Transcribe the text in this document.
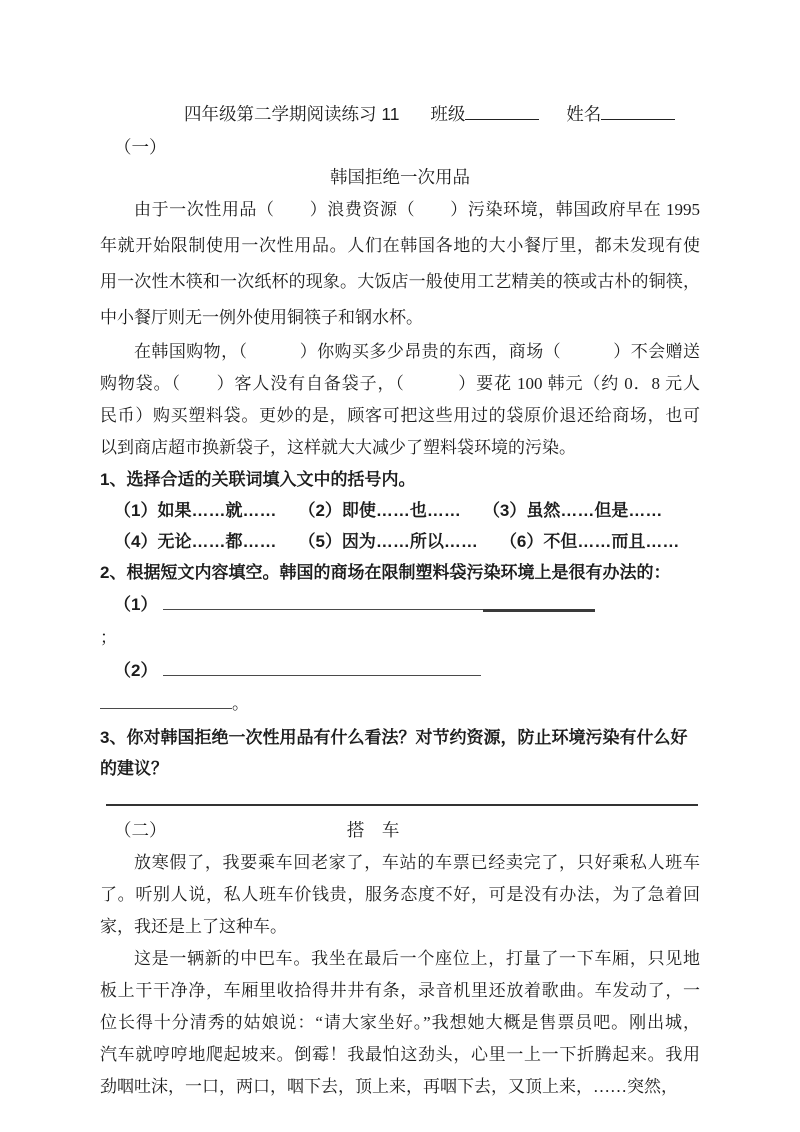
四年级第二学期阅读练习 11 班级	姓名
（一）
韩国拒绝一次用品
由于一次性用品（　　）浪费资源（　　）污染环境，韩国政府早在 1995
年就开始限制使用一次性用品。人们在韩国各地的大小餐厅里，都未发现有使
用一次性木筷和一次纸杯的现象。大饭店一般使用工艺精美的筷或古朴的铜筷，
中小餐厅则无一例外使用铜筷子和钢水杯。
在韩国购物，（　　　）你购买多少昂贵的东西，商场（　　　）不会赠送
购物袋。（　　）客人没有自备袋子，（　　　）要花 100 韩元（约 0．8 元人
民币）购买塑料袋。更妙的是，顾客可把这些用过的袋原价退还给商场，也可
以到商店超市换新袋子，这样就大大减少了塑料袋环境的污染。
1、选择合适的关联词填入文中的括号内。
（1）如果……就…… （2）即使……也…… （3）虽然……但是……
（4）无论……都…… （5）因为……所以…… （6）不但……而且……
2、根据短文内容填空。韩国的商场在限制塑料袋污染环境上是很有办法的：
（1）
；
（2）
。
3、你对韩国拒绝一次性用品有什么看法？对节约资源，防止环境污染有什么好
的建议？
（二）	搭　车
放寒假了，我要乘车回老家了，车站的车票已经卖完了，只好乘私人班车
了。听别人说，私人班车价钱贵，服务态度不好，可是没有办法，为了急着回
家，我还是上了这种车。
这是一辆新的中巴车。我坐在最后一个座位上，打量了一下车厢，只见地
板上干干净净，车厢里收拾得井井有条，录音机里还放着歌曲。车发动了，一
位长得十分清秀的姑娘说：“请大家坐好。”我想她大概是售票员吧。刚出城，
汽车就哼哼地爬起坡来。倒霉！我最怕这劲头，心里一上一下折腾起来。我用
劲咽吐沫，一口，两口，咽下去，顶上来，再咽下去，又顶上来，……突然，
